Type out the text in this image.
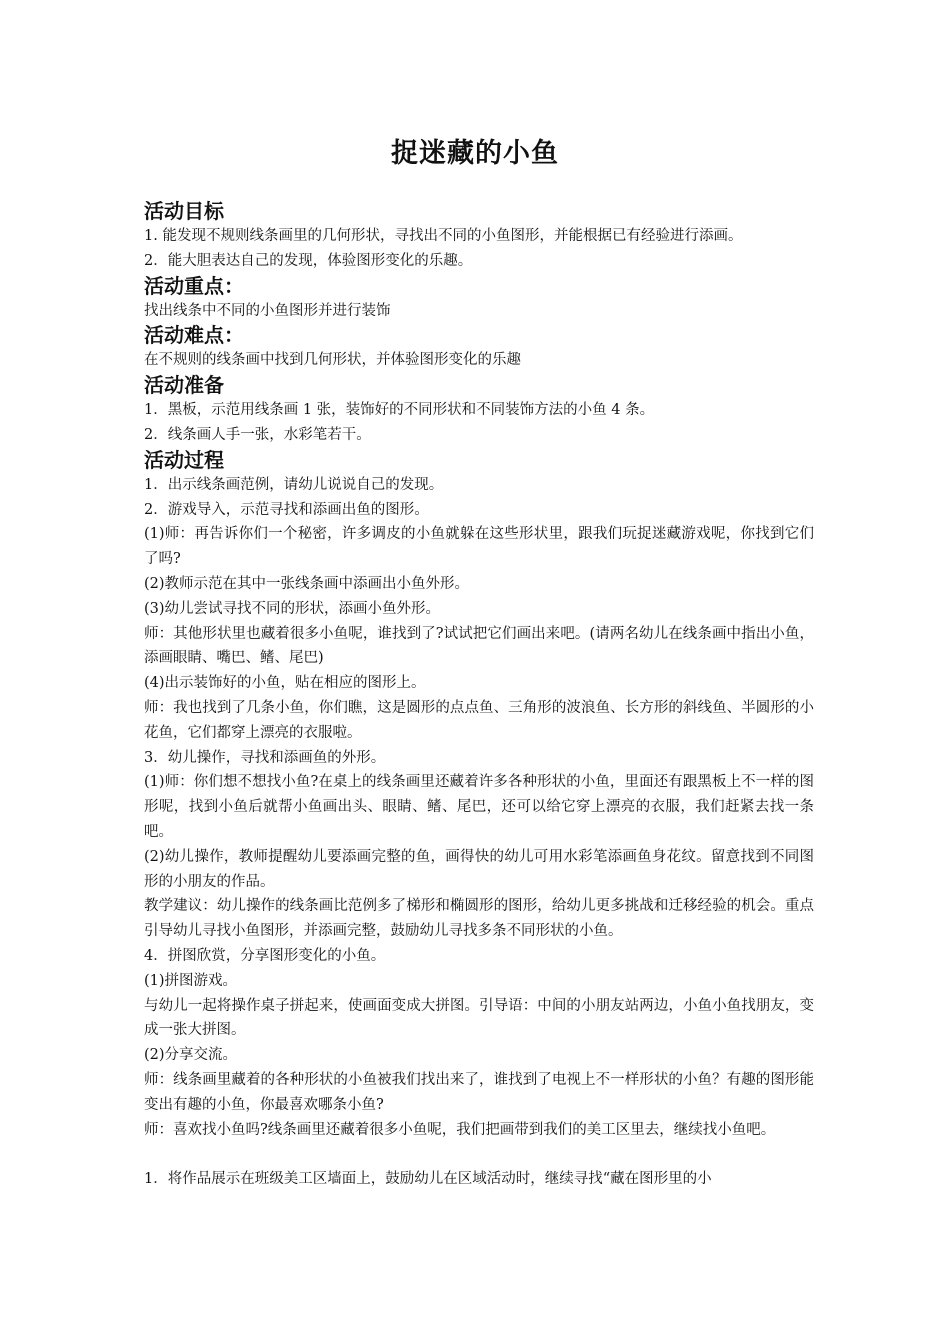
捉迷藏的小鱼
活动目标

1. 能发现不规则线条画里的几何形状，寻找出不同的小鱼图形，并能根据已有经验进行添画。

2．能大胆表达自己的发现，体验图形变化的乐趣。

活动重点：

找出线条中不同的小鱼图形并进行装饰

活动难点：

在不规则的线条画中找到几何形状，并体验图形变化的乐趣

活动准备

1．黑板，示范用线条画 1 张，装饰好的不同形状和不同装饰方法的小鱼 4 条。

2．线条画人手一张，水彩笔若干。

活动过程

1．出示线条画范例，请幼儿说说自己的发现。

2．游戏导入，示范寻找和添画出鱼的图形。

(1)师：再告诉你们一个秘密，许多调皮的小鱼就躲在这些形状里，跟我们玩捉迷藏游戏呢，你找到它们了吗?

(2)教师示范在其中一张线条画中添画出小鱼外形。

(3)幼儿尝试寻找不同的形状，添画小鱼外形。

师：其他形状里也藏着很多小鱼呢，谁找到了?试试把它们画出来吧。(请两名幼儿在线条画中指出小鱼，添画眼睛、嘴巴、鳍、尾巴)

(4)出示装饰好的小鱼，贴在相应的图形上。

师：我也找到了几条小鱼，你们瞧，这是圆形的点点鱼、三角形的波浪鱼、长方形的斜线鱼、半圆形的小花鱼，它们都穿上漂亮的衣服啦。

3．幼儿操作，寻找和添画鱼的外形。

(1)师：你们想不想找小鱼?在桌上的线条画里还藏着许多各种形状的小鱼，里面还有跟黑板上不一样的图形呢，找到小鱼后就帮小鱼画出头、眼睛、鳍、尾巴，还可以给它穿上漂亮的衣服，我们赶紧去找一条吧。

(2)幼儿操作，教师提醒幼儿要添画完整的鱼，画得快的幼儿可用水彩笔添画鱼身花纹。留意找到不同图形的小朋友的作品。

教学建议：幼儿操作的线条画比范例多了梯形和椭圆形的图形，给幼儿更多挑战和迁移经验的机会。重点引导幼儿寻找小鱼图形，并添画完整，鼓励幼儿寻找多条不同形状的小鱼。

4．拼图欣赏，分享图形变化的小鱼。

(1)拼图游戏。

与幼儿一起将操作桌子拼起来，使画面变成大拼图。引导语：中间的小朋友站两边，小鱼小鱼找朋友，变成一张大拼图。

(2)分享交流。

师：线条画里藏着的各种形状的小鱼被我们找出来了，谁找到了电视上不一样形状的小鱼？有趣的图形能变出有趣的小鱼，你最喜欢哪条小鱼?

师：喜欢找小鱼吗?线条画里还藏着很多小鱼呢，我们把画带到我们的美工区里去，继续找小鱼吧。

1．将作品展示在班级美工区墙面上，鼓励幼儿在区域活动时，继续寻找“藏在图形里的小
